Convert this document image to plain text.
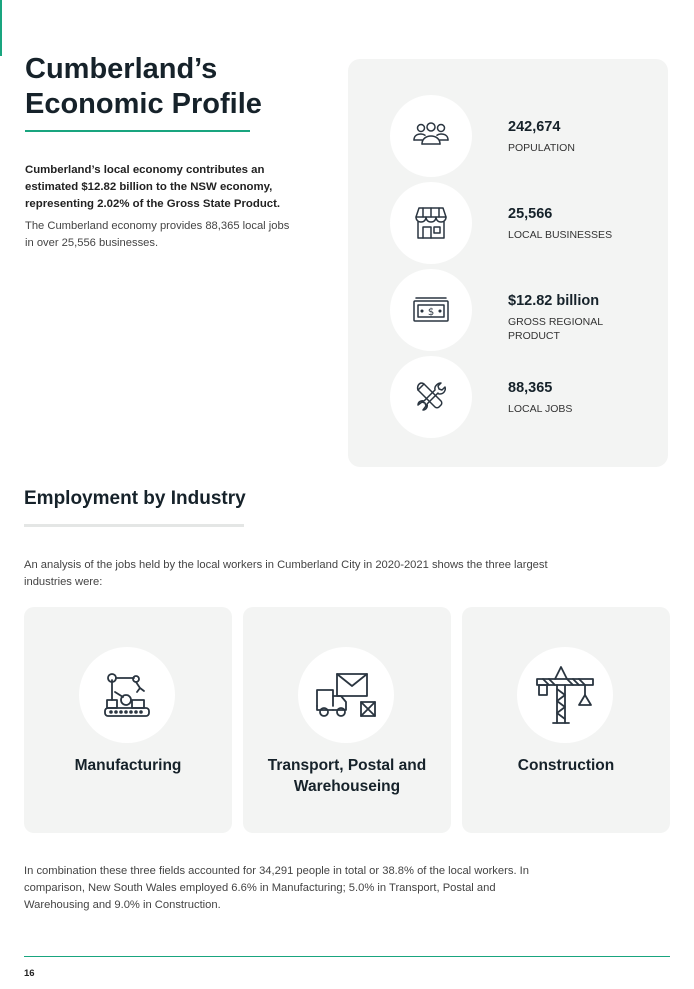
Cumberland’s
Economic Profile

Cumberland’s local economy contributes an estimated $12.82 billion to the NSW economy, representing 2.02% of the Gross State Product.

The Cumberland economy provides 88,365 local jobs in over 25,556 businesses.

242,674
POPULATION
25,566
LOCAL BUSINESSES
$
$12.82 billion
GROSS REGIONAL PRODUCT
88,365
LOCAL JOBS
Employment by Industry

An analysis of the jobs held by the local workers in Cumberland City in 2020-2021 shows the three largest industries were:

Manufacturing	Transport, Postal and Warehouseing
Construction

In combination these three fields accounted for 34,291 people in total or 38.8% of the local workers. In comparison, New South Wales employed 6.6% in Manufacturing; 5.0% in Transport, Postal and Warehousing and 9.0% in Construction.

16
